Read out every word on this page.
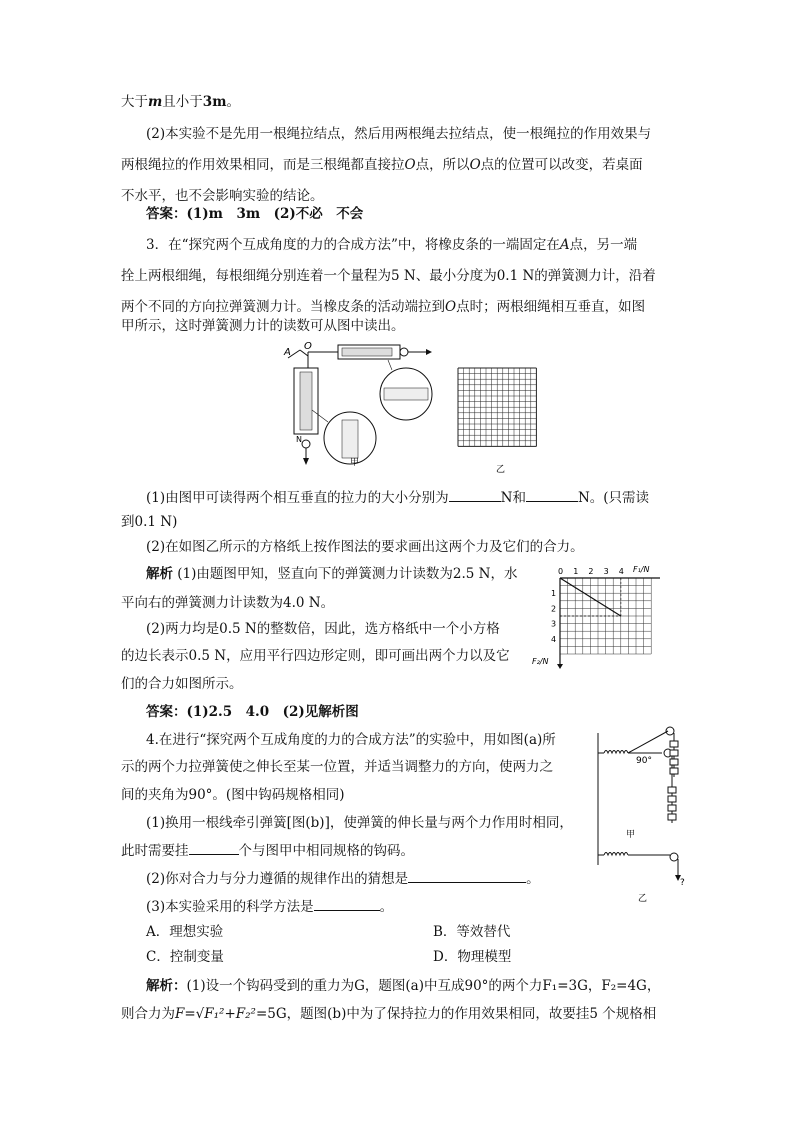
大于m且小于3m。
(2)本实验不是先用一根绳拉结点，然后用两根绳去拉结点，使一根绳拉的作用效果与
两根绳拉的作用效果相同，而是三根绳都直接拉O点，所以O点的位置可以改变，若桌面
不水平，也不会影响实验的结论。
答案：(1)m　3m　(2)不必　不会
3．在“探究两个互成角度的力的合成方法”中，将橡皮条的一端固定在A点，另一端
拴上两根细绳，每根细绳分别连着一个量程为5 N、最小分度为0.1 N的弹簧测力计，沿着
两个不同的方向拉弹簧测力计。当橡皮条的活动端拉到O点时；两根细绳相互垂直，如图
甲所示，这时弹簧测力计的读数可从图中读出。
A
O
N
甲
乙
(1)由图甲可读得两个相互垂直的拉力的大小分别为	N和	N。(只需读
到0.1 N)
(2)在如图乙所示的方格纸上按作图法的要求画出这两个力及它们的合力。
解析 (1)由题图甲知，竖直向下的弹簧测力计读数为2.5 N，水
平向右的弹簧测力计读数为4.0 N。
(2)两力均是0.5 N的整数倍，因此，选方格纸中一个小方格
的边长表示0.5 N，应用平行四边形定则，即可画出两个力以及它
们的合力如图所示。
0 1 2 3 4
1
2
3
4
F₁/N
F₂/N
答案：(1)2.5　4.0　(2)见解析图
4.在进行“探究两个互成角度的力的合成方法”的实验中，用如图(a)所
示的两个力拉弹簧使之伸长至某一位置，并适当调整力的方向，使两力之
间的夹角为90°。(图中钩码规格相同)
(1)换用一根线牵引弹簧[图(b)]，使弹簧的伸长量与两个力作用时相同，
此时需要挂	个与图甲中相同规格的钩码。
(2)你对合力与分力遵循的规律作出的猜想是	。
(3)本实验采用的科学方法是	。
A．理想实验	B．等效替代
C．控制变量	D．物理模型
90°
甲
?
乙
解析：(1)设一个钩码受到的重力为G，题图(a)中互成90°的两个力F₁=3G，F₂=4G，
则合力为F=√F₁²+F₂²=5G，题图(b)中为了保持拉力的作用效果相同，故要挂5 个规格相
